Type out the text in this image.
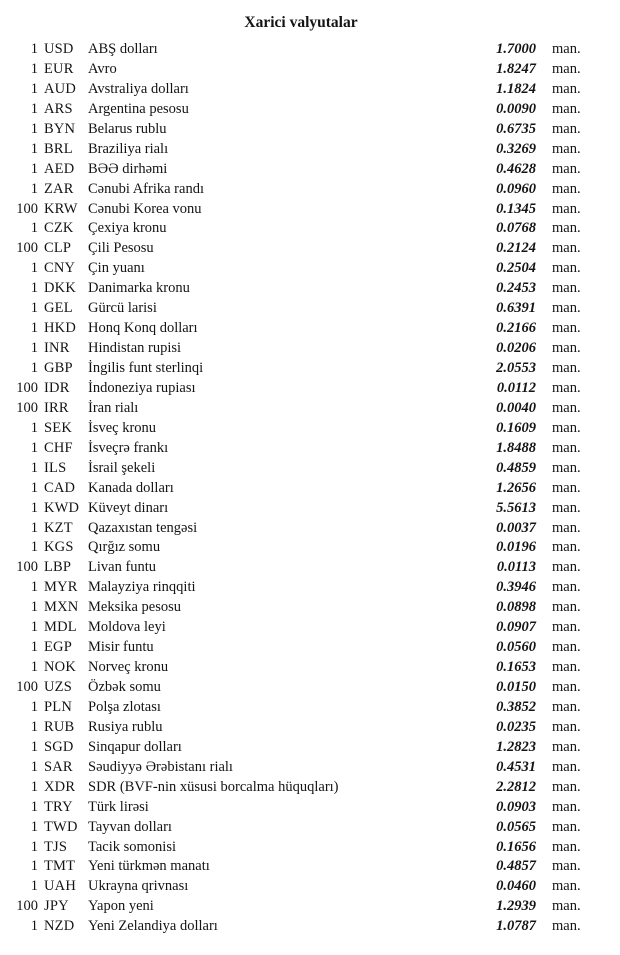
Xarici valyutalar
1 USD ABŞ dolları	1.7000 man.
1 EUR Avro	1.8247 man.
1 AUD Avstraliya dolları	1.1824 man.
1 ARS	Argentina pesosu	0.0090 man.
1 BYN Belarus rublu	0.6735 man.
1 BRL	Braziliya rialı	0.3269 man.
1 AED BƏƏ dirhəmi	0.4628 man.
1 ZAR Cənubi Afrika randı	0.0960 man.
100 KRW Cənubi Korea vonu	0.1345 man.
1 CZK Çexiya kronu	0.0768 man.
100 CLP	Çili Pesosu	0.2124 man.
1 CNY Çin yuanı	0.2504 man.
1 DKK Danimarka kronu	0.2453 man.
1 GEL	Gürcü larisi	0.6391 man.
1 HKD Honq Konq dolları	0.2166 man.
1 INR	Hindistan rupisi	0.0206 man.
1 GBP	İngilis funt sterlinqi	2.0553 man.
100 IDR	İndoneziya rupiası	0.0112 man.
100 IRR	İran rialı	0.0040 man.
1 SEK	İsveç kronu	0.1609 man.
1 CHF	İsveçrə frankı	1.8488 man.
1 ILS	İsrail şekeli	0.4859 man.
1 CAD Kanada dolları	1.2656 man.
1 KWD Küveyt dinarı	5.5613 man.
1 KZT	Qazaxıstan tengəsi	0.0037 man.
1 KGS Qırğız somu	0.0196 man.
100 LBP	Livan funtu	0.0113 man.
1 MYR Malayziya rinqqiti	0.3946 man.
1 MXN Meksika pesosu	0.0898 man.
1 MDL Moldova leyi	0.0907 man.
1 EGP	Misir funtu	0.0560 man.
1 NOK Norveç kronu	0.1653 man.
100 UZS	Özbək somu	0.0150 man.
1 PLN	Polşa zlotası	0.3852 man.
1 RUB Rusiya rublu	0.0235 man.
1 SGD Sinqapur dolları	1.2823 man.
1 SAR	Səudiyyə Ərəbistanı rialı	0.4531 man.
1 XDR SDR (BVF-nin xüsusi borcalma hüquqları)	2.2812 man.
1 TRY	Türk lirəsi	0.0903 man.
1 TWD Tayvan dolları	0.0565 man.
1 TJS	Tacik somonisi	0.1656 man.
1 TMT Yeni türkmən manatı	0.4857 man.
1 UAH Ukrayna qrivnası	0.0460 man.
100 JPY	Yapon yeni	1.2939 man.
1 NZD Yeni Zelandiya dolları	1.0787 man.
